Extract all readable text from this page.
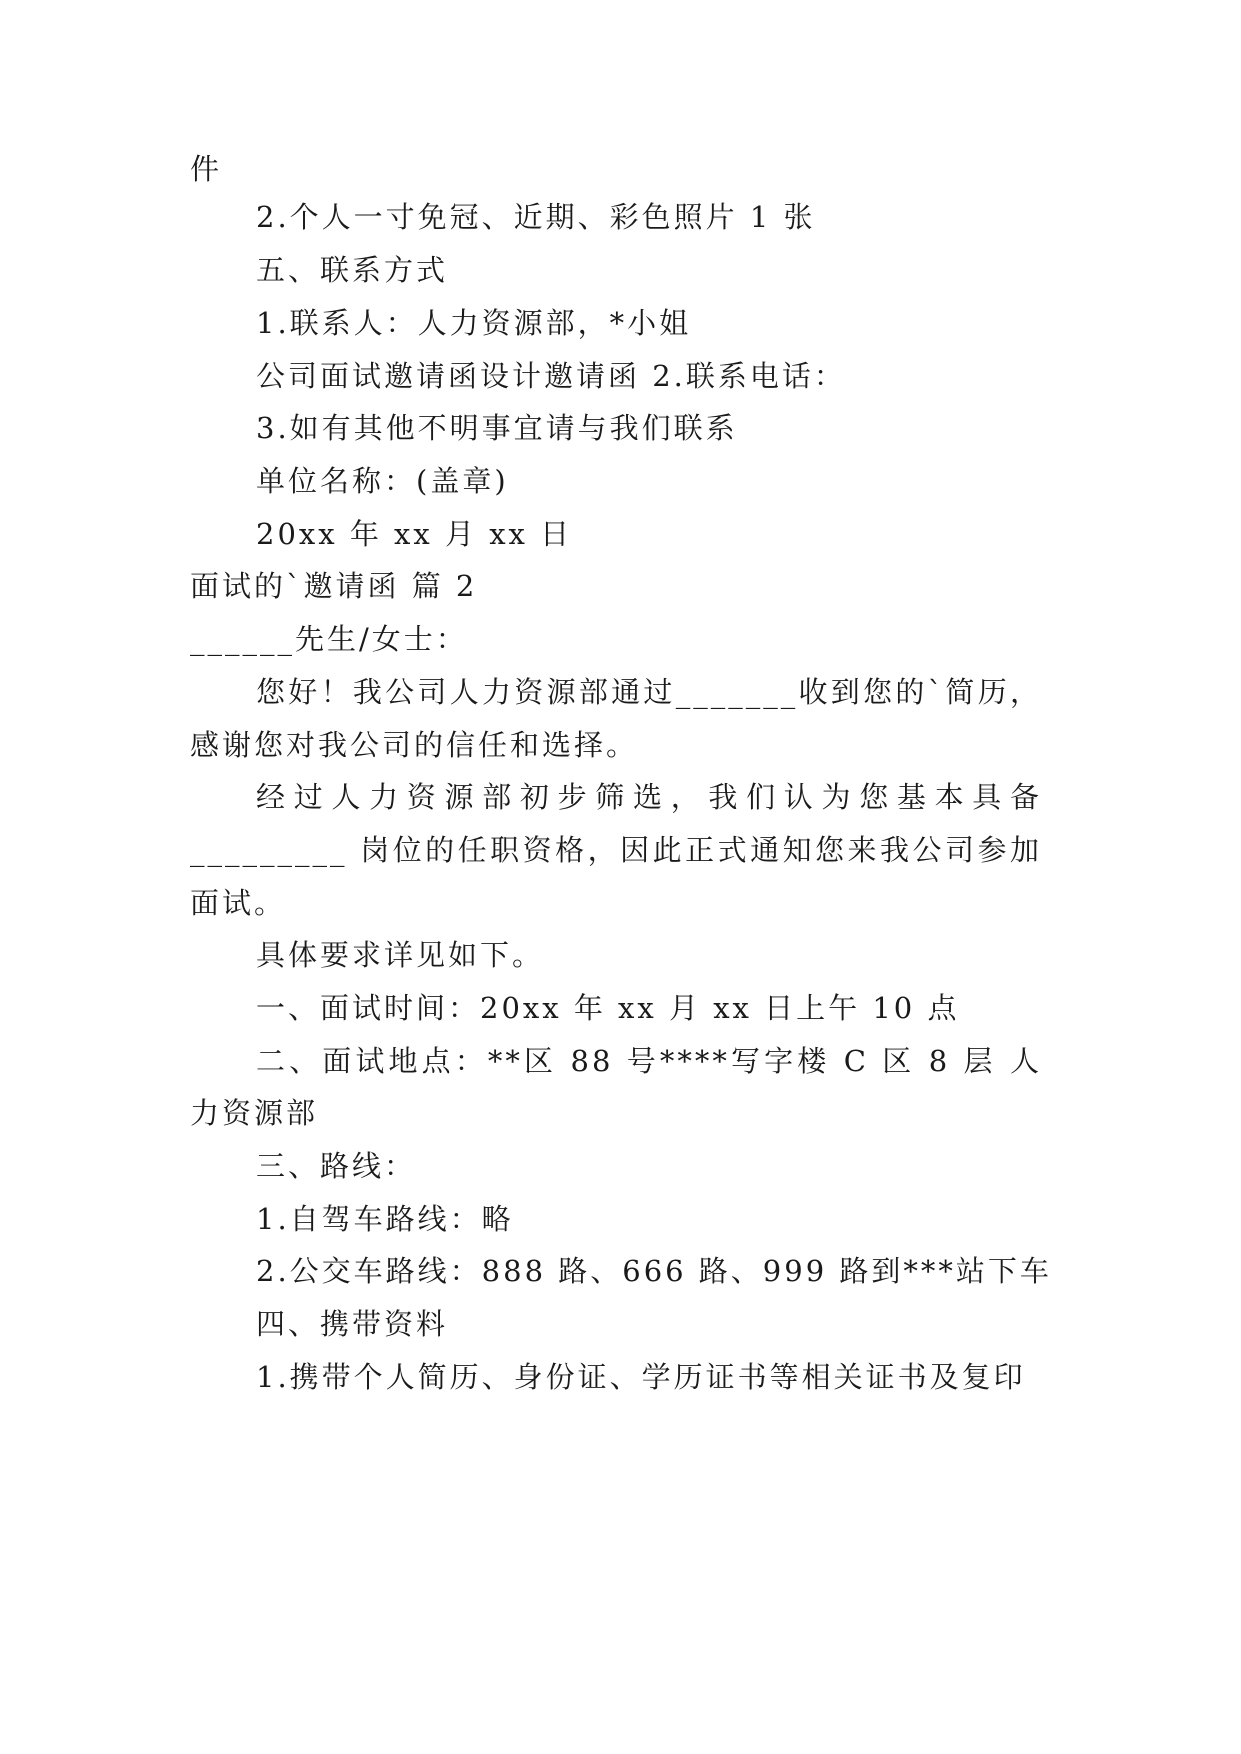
件
2.个人一寸免冠、近期、彩色照片 1 张
五、联系方式
1.联系人：人力资源部，*小姐
公司面试邀请函设计邀请函 2.联系电话：
3.如有其他不明事宜请与我们联系
单位名称：(盖章)
20xx 年 xx 月 xx 日
面试的`邀请函 篇 2
______先生/女士：
您好！我公司人力资源部通过_______收到您的`简历，
感谢您对我公司的信任和选择。
经过人力资源部初步筛选，我们认为您基本具备
_________ 岗位的任职资格，因此正式通知您来我公司参加
面试。
具体要求详见如下。
一、面试时间：20xx 年 xx 月 xx 日上午 10 点
二、面试地点：**区 88 号****写字楼 C 区 8 层 人
力资源部
三、路线：
1.自驾车路线：略
2.公交车路线：888 路、666 路、999 路到***站下车
四、携带资料
1.携带个人简历、身份证、学历证书等相关证书及复印
